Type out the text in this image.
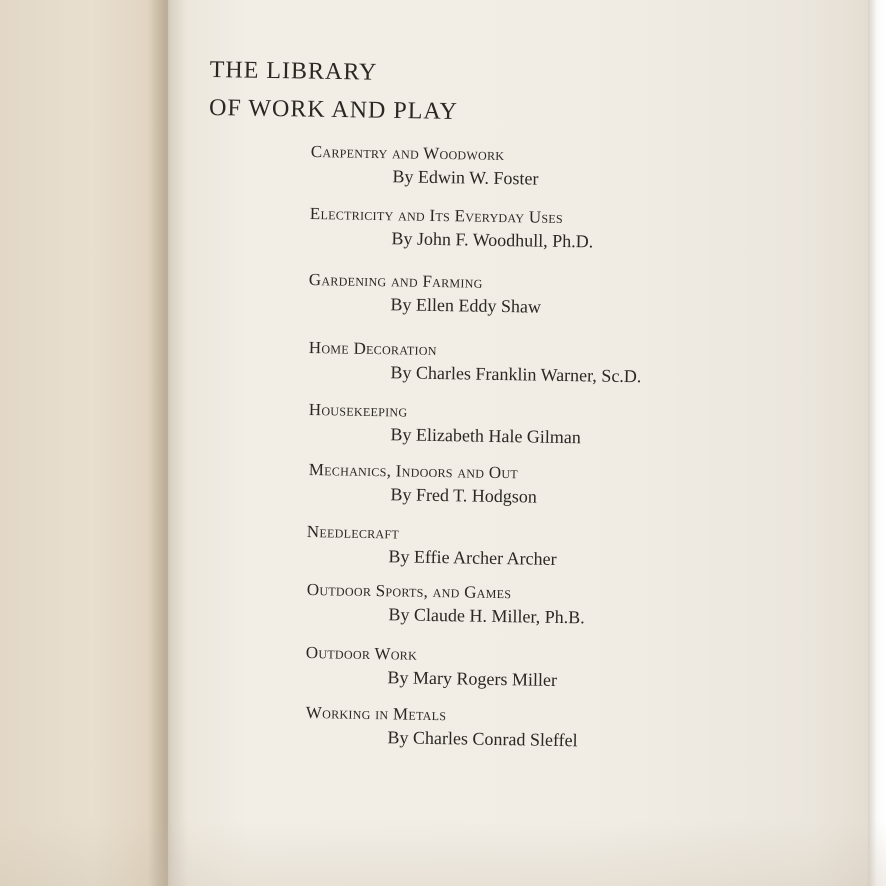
THE LIBRARY
OF WORK AND PLAY
Carpentry and Woodwork
By Edwin W. Foster
Electricity and Its Everyday Uses
By John F. Woodhull, Ph.D.
Gardening and Farming
By Ellen Eddy Shaw
Home Decoration
By Charles Franklin Warner, Sc.D.
Housekeeping
By Elizabeth Hale Gilman
Mechanics, Indoors and Out
By Fred T. Hodgson
Needlecraft
By Effie Archer Archer
Outdoor Sports, and Games
By Claude H. Miller, Ph.B.
Outdoor Work
By Mary Rogers Miller
Working in Metals
By Charles Conrad Sleffel
